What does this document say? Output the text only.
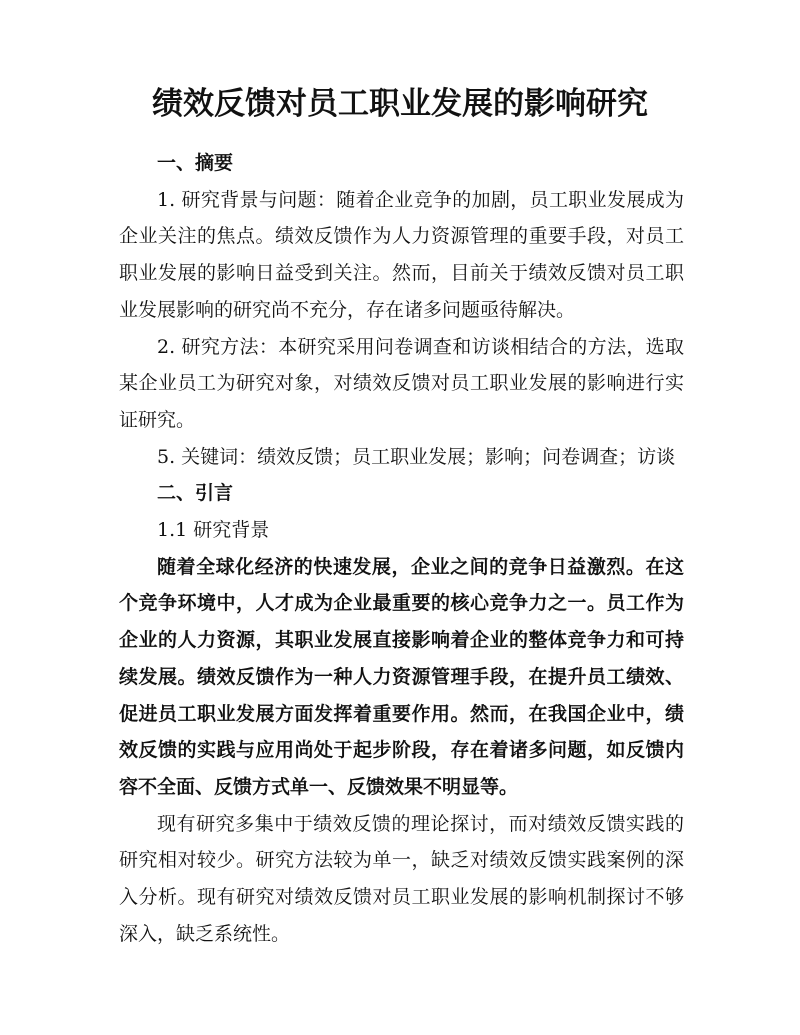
绩效反馈对员工职业发展的影响研究

一、摘要

1. 研究背景与问题：随着企业竞争的加剧，员工职业发展成为企业关注的焦点。绩效反馈作为人力资源管理的重要手段，对员工职业发展的影响日益受到关注。然而，目前关于绩效反馈对员工职业发展影响的研究尚不充分，存在诸多问题亟待解决。

2. 研究方法：本研究采用问卷调查和访谈相结合的方法，选取某企业员工为研究对象，对绩效反馈对员工职业发展的影响进行实证研究。

5. 关键词：绩效反馈；员工职业发展；影响；问卷调查；访谈

二、引言

1.1 研究背景

随着全球化经济的快速发展，企业之间的竞争日益激烈。在这个竞争环境中，人才成为企业最重要的核心竞争力之一。员工作为企业的人力资源，其职业发展直接影响着企业的整体竞争力和可持续发展。绩效反馈作为一种人力资源管理手段，在提升员工绩效、促进员工职业发展方面发挥着重要作用。然而，在我国企业中，绩效反馈的实践与应用尚处于起步阶段，存在着诸多问题，如反馈内容不全面、反馈方式单一、反馈效果不明显等。

现有研究多集中于绩效反馈的理论探讨，而对绩效反馈实践的研究相对较少。研究方法较为单一，缺乏对绩效反馈实践案例的深入分析。现有研究对绩效反馈对员工职业发展的影响机制探讨不够深入，缺乏系统性。
